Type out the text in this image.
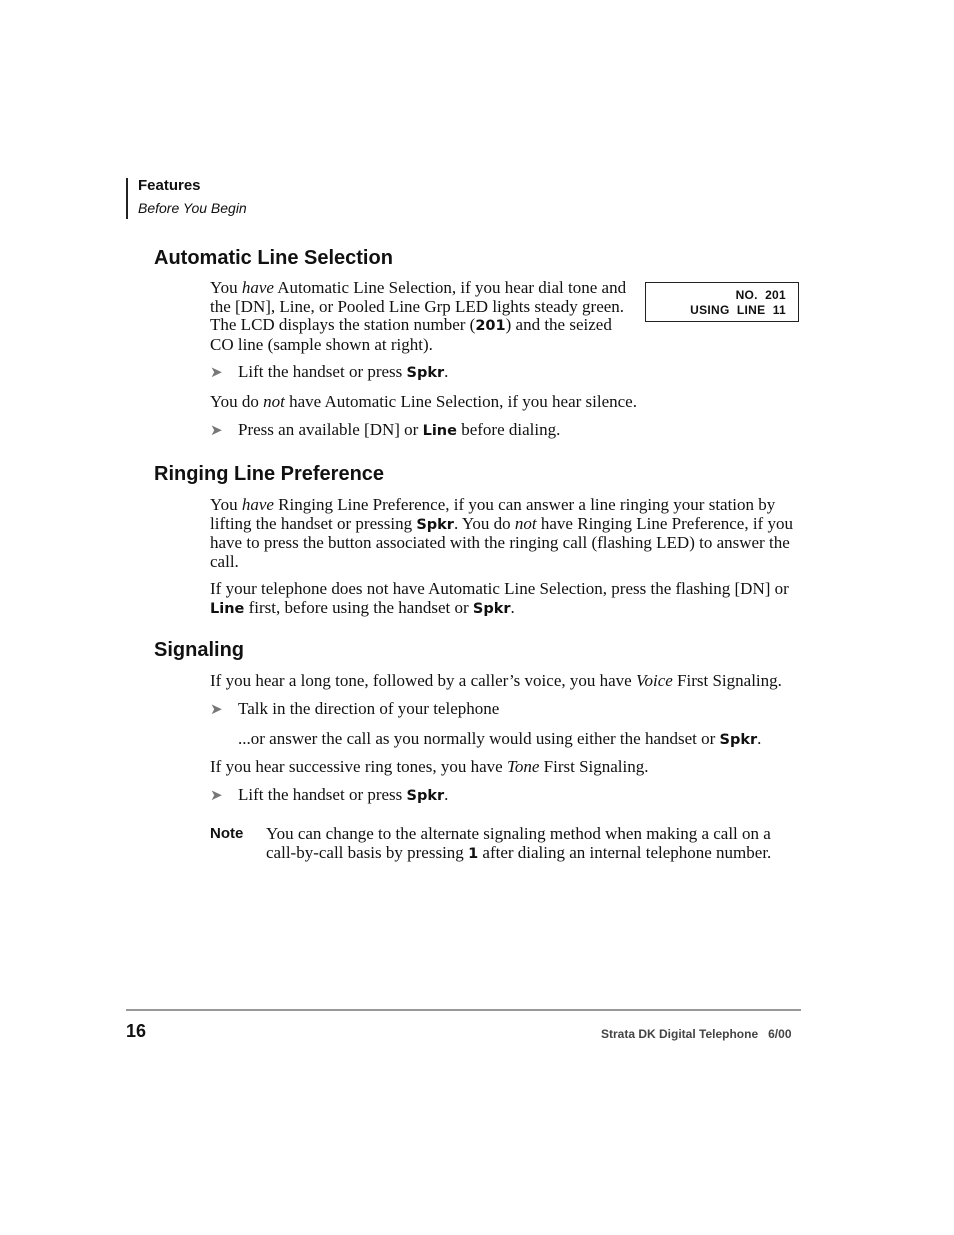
Features
Before You Begin
Automatic Line Selection
You have Automatic Line Selection, if you hear dial tone and the [DN], Line, or Pooled Line Grp LED lights steady green. The LCD displays the station number (201) and the seized CO line (sample shown at right).
NO.  201
USING  LINE  11
➤ Lift the handset or press Spkr.
You do not have Automatic Line Selection, if you hear silence.
➤ Press an available [DN] or Line before dialing.
Ringing Line Preference
You have Ringing Line Preference, if you can answer a line ringing your station by lifting the handset or pressing Spkr. You do not have Ringing Line Preference, if you have to press the button associated with the ringing call (flashing LED) to answer the call.
If your telephone does not have Automatic Line Selection, press the flashing [DN] or Line first, before using the handset or Spkr.
Signaling
If you hear a long tone, followed by a caller’s voice, you have Voice First Signaling.
➤ Talk in the direction of your telephone
...or answer the call as you normally would using either the handset or Spkr.
If you hear successive ring tones, you have Tone First Signaling.
➤ Lift the handset or press Spkr.
Note You can change to the alternate signaling method when making a call on a call-by-call basis by pressing 1 after dialing an internal telephone number.
16	Strata DK Digital Telephone   6/00
